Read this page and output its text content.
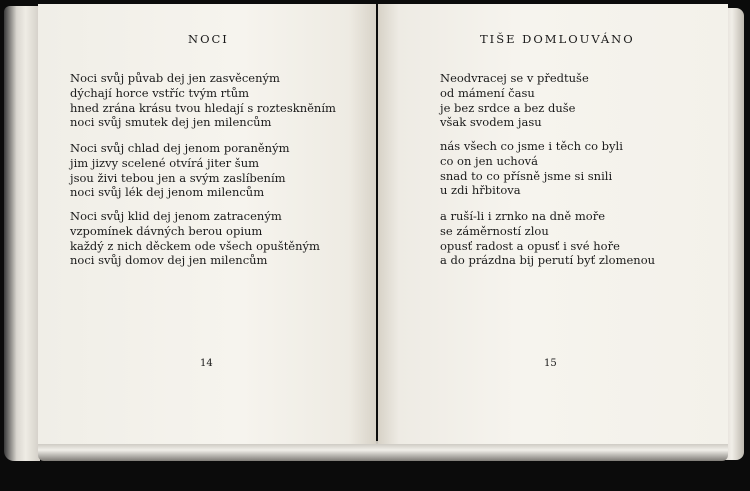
NOCI
Noci svůj půvab dej jen zasvěceným
dýchají horce vstříc tvým rtům
hned zrána krásu tvou hledají s roztesknĕním
noci svůj smutek dej jen milencům
Noci svůj chlad dej jenom poraněným
jim jizvy scelené otvírá jiter šum
jsou živi tebou jen a svým zaslíbením
noci svůj lék dej jenom milencům
Noci svůj klid dej jenom zatraceným
vzpomínek dávných berou opium
každý z nich děckem ode všech opuštěným
noci svůj domov dej jen milencům
14
TIŠE DOMLOUVÁNO
Neodvracej se v předtuše
od mámení času
je bez srdce a bez duše
však svodem jasu
nás všech co jsme i těch co byli
co on jen uchová
snad to co přísně jsme si snili
u zdi hřbitova
a ruší-li i zrnko na dně moře
se záměrností zlou
opusť radost a opusť i své hoře
a do prázdna bij perutí byť zlomenou
15
